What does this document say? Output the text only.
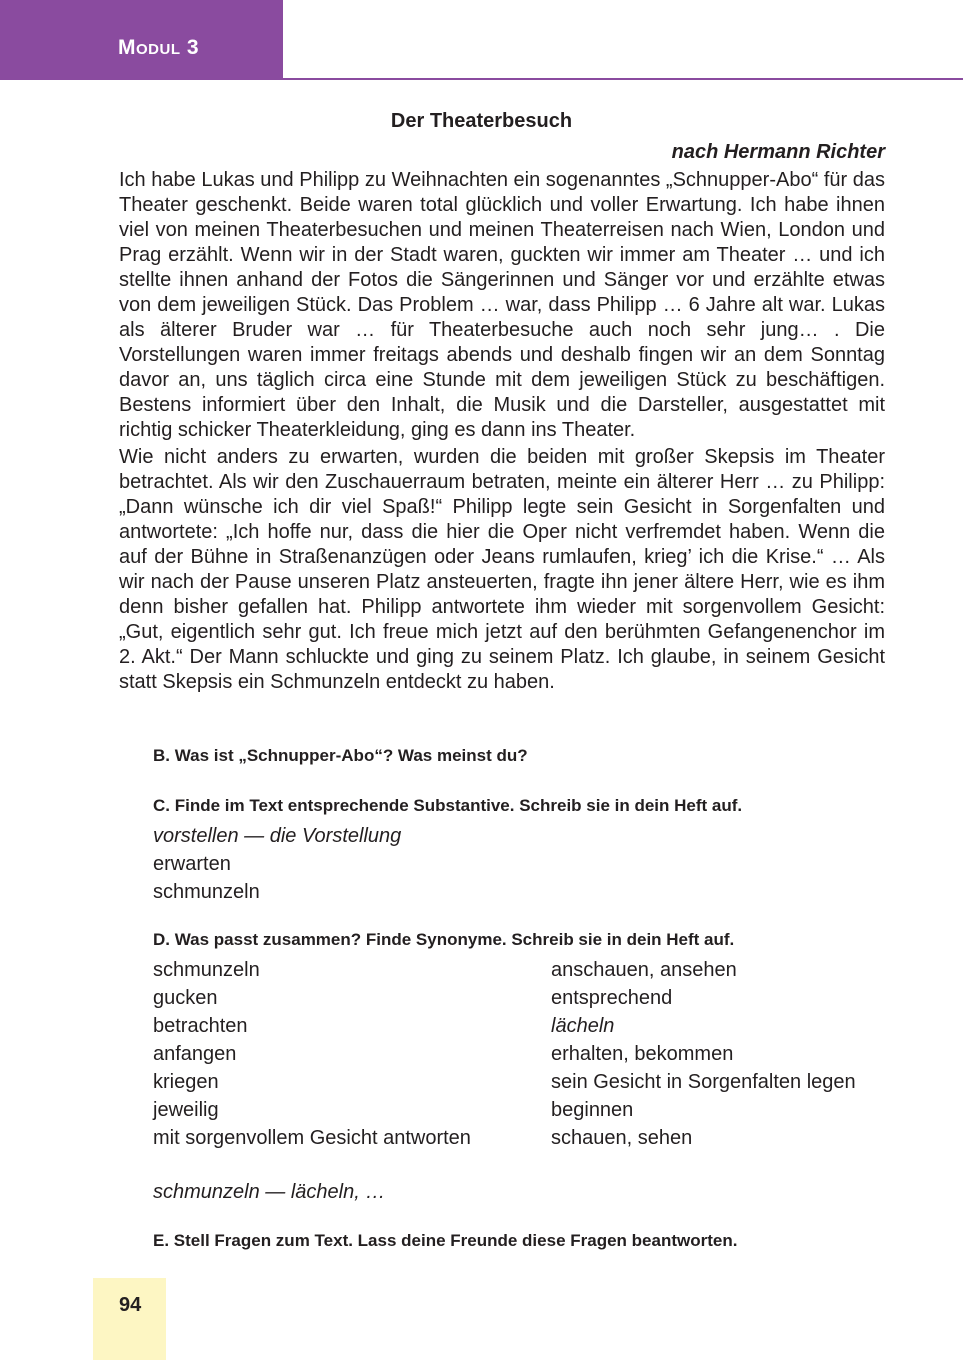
Modul 3
Der Theaterbesuch
nach Hermann Richter

Ich habe Lukas und Philipp zu Weihnachten ein sogenanntes „Schnupper-Abo“ für das Theater geschenkt. Beide waren total glücklich und voller Erwartung. Ich habe ihnen viel von meinen Theaterbesuchen und meinen Theaterreisen nach Wien, London und Prag erzählt. Wenn wir in der Stadt waren, guckten wir immer am Theater … und ich stellte ihnen anhand der Fotos die Sängerinnen und Sänger vor und erzählte etwas von dem jeweiligen Stück. Das Problem … war, dass Philipp … 6 Jahre alt war. Lukas als älterer Bruder war … für Theaterbesuche auch noch sehr jung… . Die Vorstellungen waren immer freitags abends und deshalb fingen wir an dem Sonntag davor an, uns täglich circa eine Stunde mit dem jeweiligen Stück zu beschäftigen. Bestens informiert über den Inhalt, die Musik und die Darsteller, ausgestattet mit richtig schicker Theaterkleidung, ging es dann ins Theater.

Wie nicht anders zu erwarten, wurden die beiden mit großer Skepsis im Theater betrachtet. Als wir den Zuschauerraum betraten, meinte ein älterer Herr … zu Philipp: „Dann wünsche ich dir viel Spaß!“ Philipp legte sein Gesicht in Sorgenfalten und antwortete: „Ich hoffe nur, dass die hier die Oper nicht verfremdet haben. Wenn die auf der Bühne in Straßenanzügen oder Jeans rumlaufen, krieg’ ich die Krise.“ … Als wir nach der Pause unseren Platz ansteuerten, fragte ihn jener ältere Herr, wie es ihm denn bisher gefallen hat. Philipp antwortete ihm wieder mit sorgenvollem Gesicht: „Gut, eigentlich sehr gut. Ich freue mich jetzt auf den berühmten Gefangenenchor im 2. Akt.“ Der Mann schluckte und ging zu seinem Platz. Ich glaube, in seinem Gesicht statt Skepsis ein Schmunzeln entdeckt zu haben.

B. Was ist „Schnupper-Abo“? Was meinst du?
C. Finde im Text entsprechende Substantive. Schreib sie in dein Heft auf.
vorstellen — die Vorstellung
erwarten
schmunzeln
D. Was passt zusammen? Finde Synonyme. Schreib sie in dein Heft auf.
schmunzeln
gucken
betrachten
anfangen
kriegen
jeweilig
mit sorgenvollem Gesicht antworten
anschauen, ansehen
entsprechend
lächeln
erhalten, bekommen
sein Gesicht in Sorgenfalten legen
beginnen
schauen, sehen
schmunzeln — lächeln, …
E. Stell Fragen zum Text. Lass deine Freunde diese Fragen beantworten.
94
